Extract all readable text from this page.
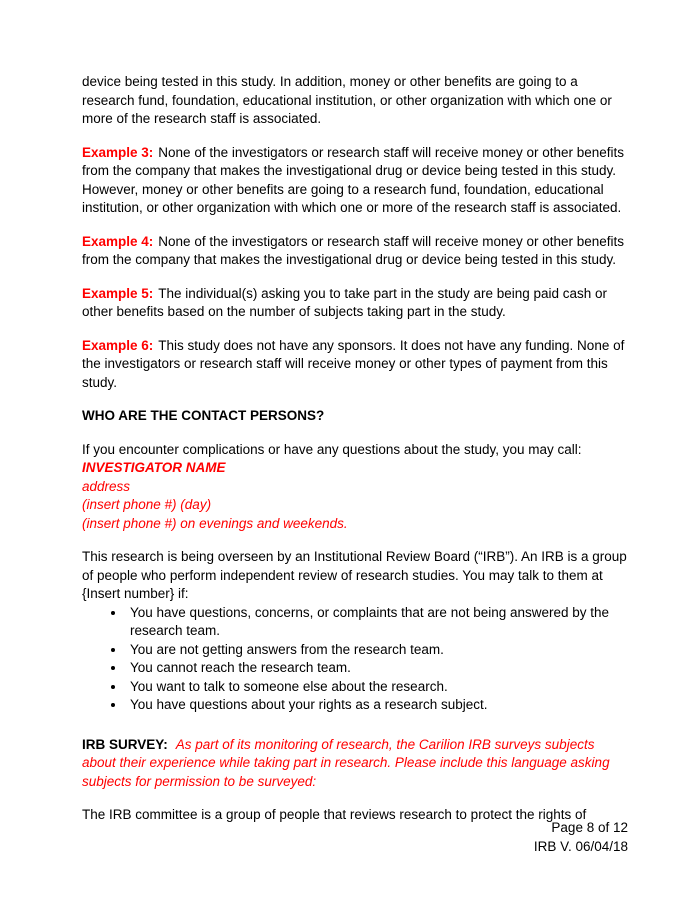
device being tested in this study. In addition, money or other benefits are going to a research fund, foundation, educational institution, or other organization with which one or more of the research staff is associated.

Example 3: None of the investigators or research staff will receive money or other benefits from the company that makes the investigational drug or device being tested in this study. However, money or other benefits are going to a research fund, foundation, educational institution, or other organization with which one or more of the research staff is associated.

Example 4: None of the investigators or research staff will receive money or other benefits from the company that makes the investigational drug or device being tested in this study.

Example 5: The individual(s) asking you to take part in the study are being paid cash or other benefits based on the number of subjects taking part in the study.

Example 6: This study does not have any sponsors. It does not have any funding. None of the investigators or research staff will receive money or other types of payment from this study.

WHO ARE THE CONTACT PERSONS?
If you encounter complications or have any questions about the study, you may call:
INVESTIGATOR NAME
address
(insert phone #) (day)
(insert phone #) on evenings and weekends.

This research is being overseen by an Institutional Review Board (“IRB”). An IRB is a group of people who perform independent review of research studies. You may talk to them at {Insert number} if:

• You have questions, concerns, or complaints that are not being answered by the research team.
• You are not getting answers from the research team.
• You cannot reach the research team.
• You want to talk to someone else about the research.
• You have questions about your rights as a research subject.

IRB SURVEY: As part of its monitoring of research, the Carilion IRB surveys subjects about their experience while taking part in research. Please include this language asking subjects for permission to be surveyed:

The IRB committee is a group of people that reviews research to protect the rights of

Page 8 of 12
IRB V. 06/04/18
